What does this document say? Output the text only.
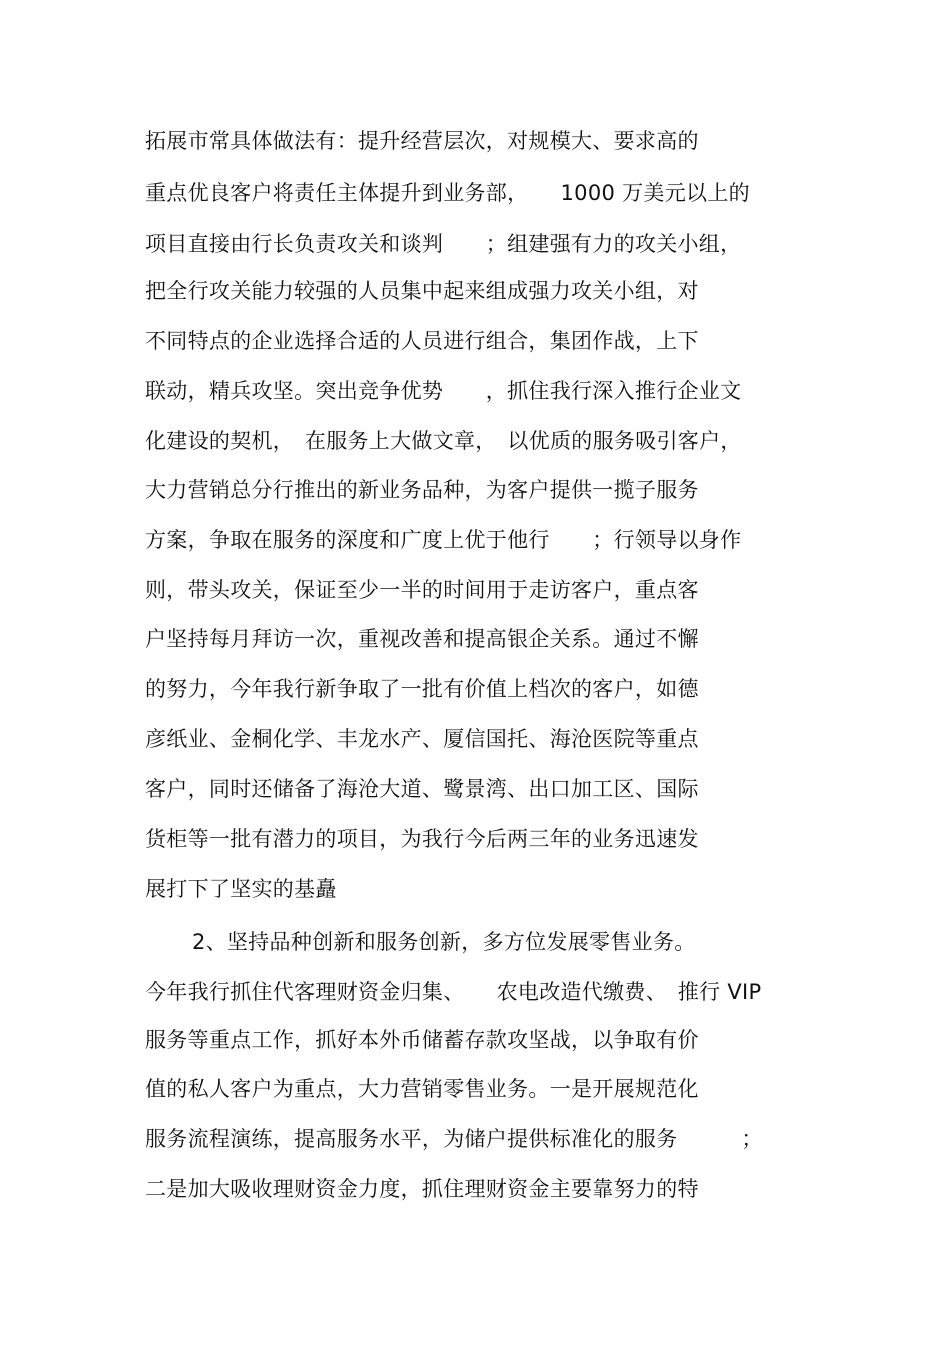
拓展市常具体做法有：提升经营层次，对规模大、要求高的
重点优良客户将责任主体提升到业务部，　　1000 万美元以上的
项目直接由行长负责攻关和谈判　　；组建强有力的攻关小组，
把全行攻关能力较强的人员集中起来组成强力攻关小组，对
不同特点的企业选择合适的人员进行组合，集团作战，上下
联动，精兵攻坚。突出竞争优势　　，抓住我行深入推行企业文
化建设的契机，　在服务上大做文章，　以优质的服务吸引客户，
大力营销总分行推出的新业务品种，为客户提供一揽子服务
方案，争取在服务的深度和广度上优于他行　　；行领导以身作
则，带头攻关，保证至少一半的时间用于走访客户，重点客
户坚持每月拜访一次，重视改善和提高银企关系。通过不懈
的努力，今年我行新争取了一批有价值上档次的客户，如德
彦纸业、金桐化学、丰龙水产、厦信国托、海沧医院等重点
客户，同时还储备了海沧大道、鹭景湾、出口加工区、国际
货柜等一批有潜力的项目，为我行今后两三年的业务迅速发
展打下了坚实的基矗
2、坚持品种创新和服务创新，多方位发展零售业务。
今年我行抓住代客理财资金归集、　　农电改造代缴费、　推行 VIP
服务等重点工作，抓好本外币储蓄存款攻坚战，以争取有价
值的私人客户为重点，大力营销零售业务。一是开展规范化
服务流程演练，提高服务水平，为储户提供标准化的服务　　　；
二是加大吸收理财资金力度，抓住理财资金主要靠努力的特
